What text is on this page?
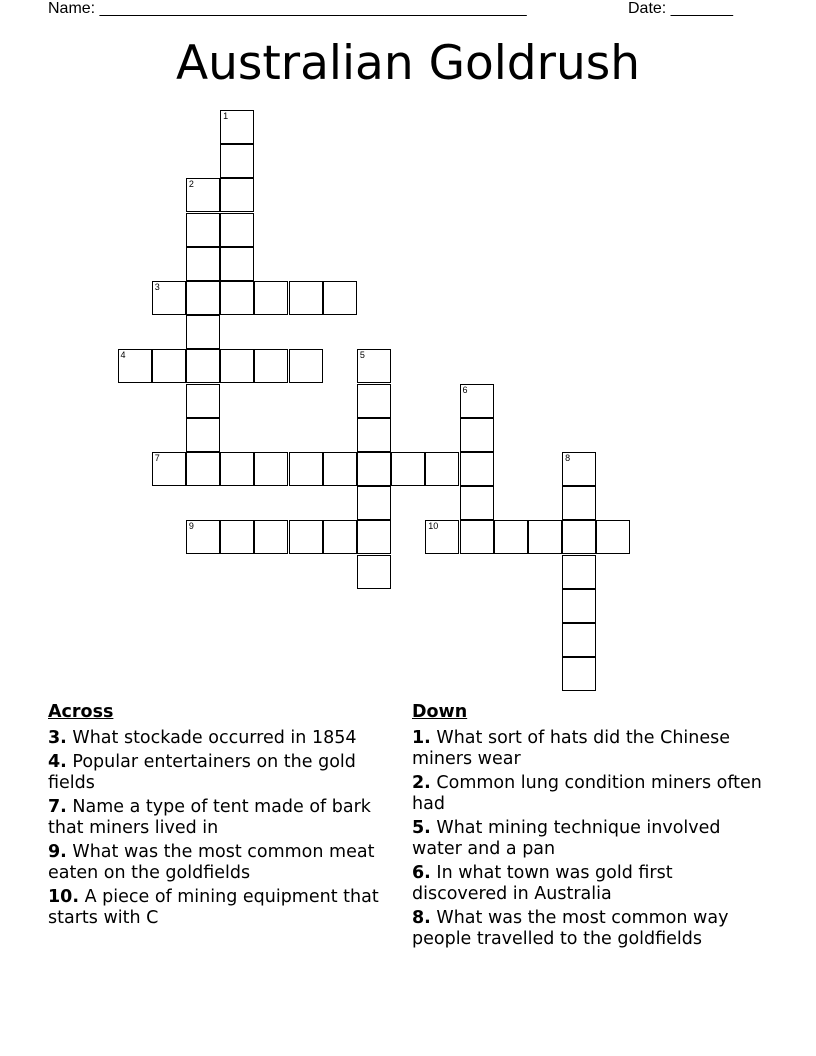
Name: ________________________________________________	Date: _______
Australian Goldrush
1
2
3
4	5
6
7	8
9	10
Across
3. What stockade occurred in 1854
4. Popular entertainers on the gold fields
7. Name a type of tent made of bark that miners lived in
9. What was the most common meat eaten on the goldfields
10. A piece of mining equipment that starts with C
Down
1. What sort of hats did the Chinese miners wear
2. Common lung condition miners often had
5. What mining technique involved water and a pan
6. In what town was gold first discovered in Australia
8. What was the most common way people travelled to the goldfields
